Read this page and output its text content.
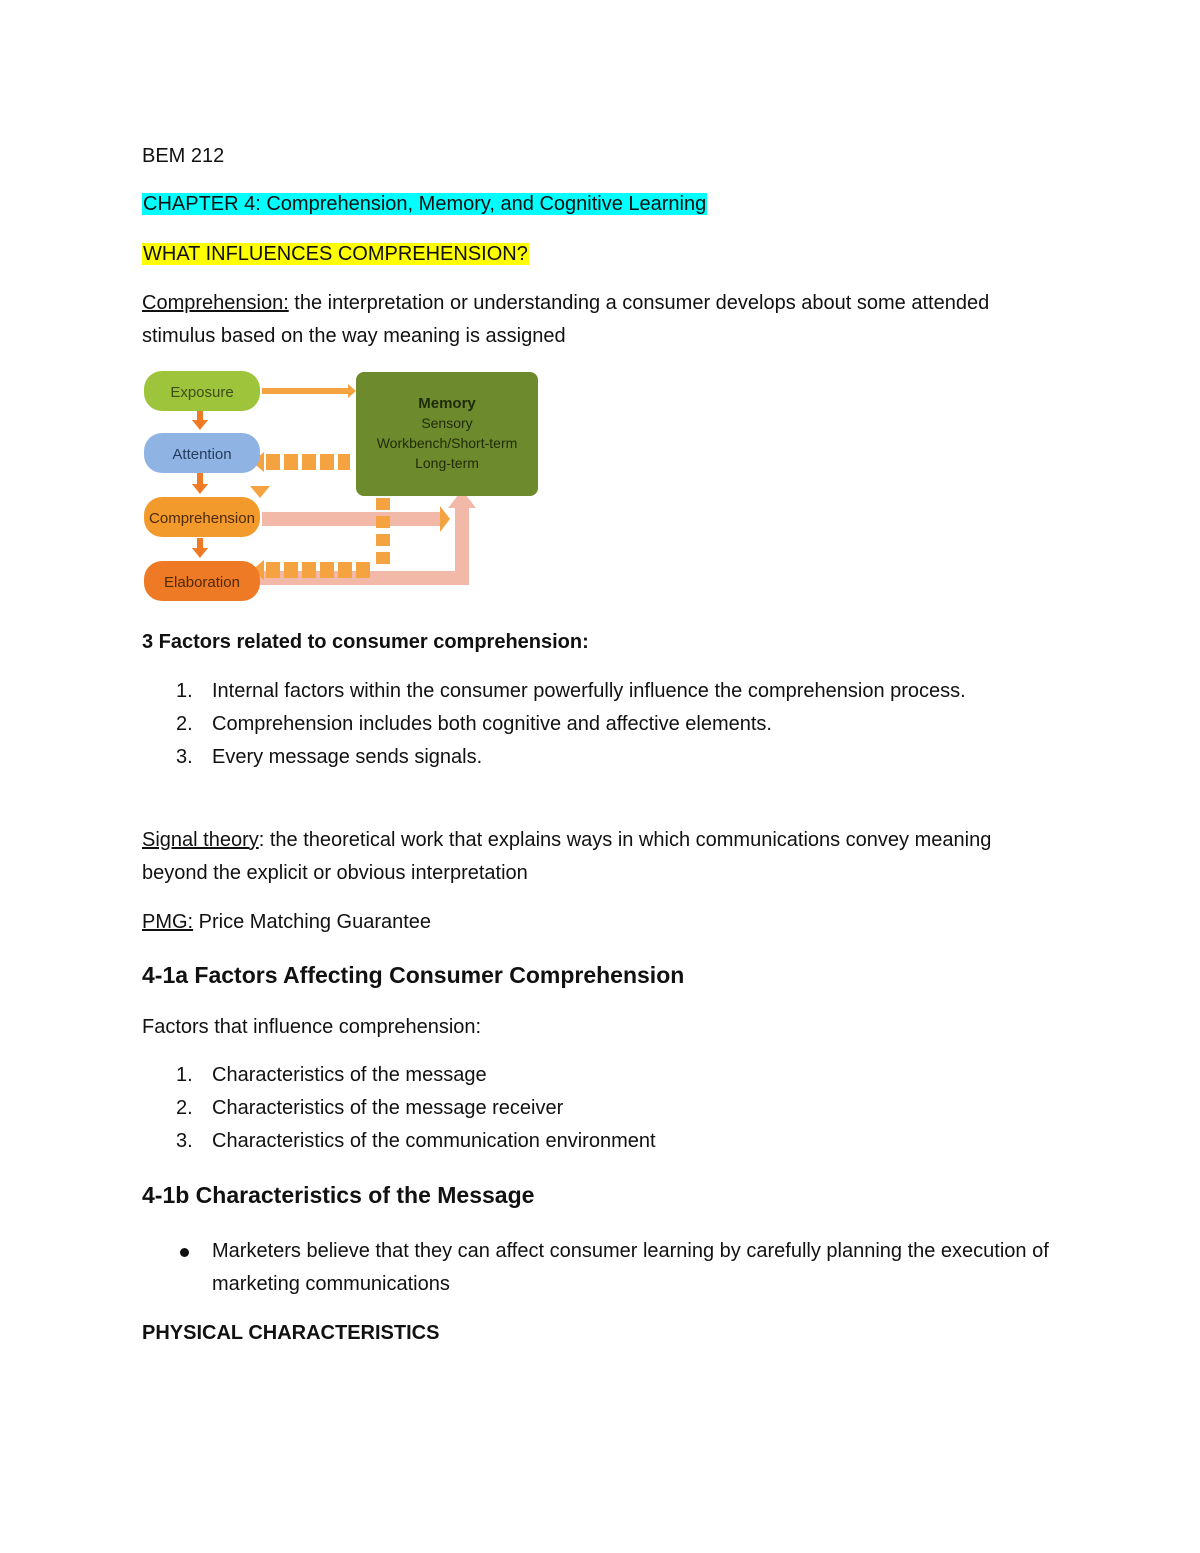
BEM 212
CHAPTER 4: Comprehension, Memory, and Cognitive Learning
WHAT INFLUENCES COMPREHENSION?
Comprehension: the interpretation or understanding a consumer develops about some attended stimulus based on the way meaning is assigned
Exposure
Attention
Comprehension
Elaboration
Memory
Sensory
Workbench/Short-term
Long-term
3 Factors related to consumer comprehension:
1. Internal factors within the consumer powerfully influence the comprehension process.
2. Comprehension includes both cognitive and affective elements.
3. Every message sends signals.
Signal theory: the theoretical work that explains ways in which communications convey meaning beyond the explicit or obvious interpretation
PMG: Price Matching Guarantee
4-1a Factors Affecting Consumer Comprehension
Factors that influence comprehension:
1. Characteristics of the message
2. Characteristics of the message receiver
3. Characteristics of the communication environment
4-1b Characteristics of the Message
Marketers believe that they can affect consumer learning by carefully planning the execution of marketing communications
PHYSICAL CHARACTERISTICS
